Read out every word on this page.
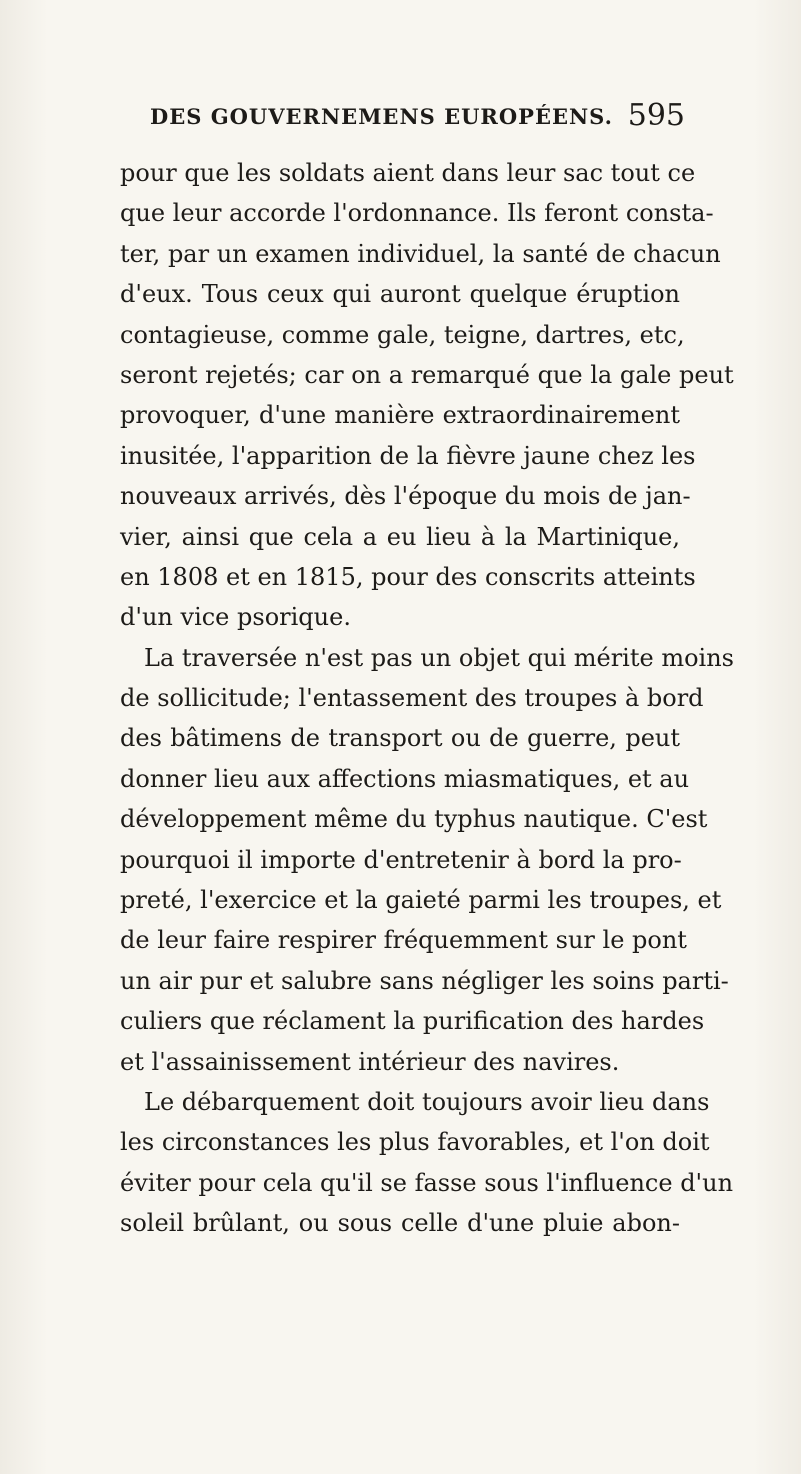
DES GOUVERNEMENS EUROPÉENS. 595
pour que les soldats aient dans leur sac tout ce
que leur accorde l'ordonnance. Ils feront consta-
ter, par un examen individuel, la santé de chacun
d'eux. Tous ceux qui auront quelque éruption
contagieuse, comme gale, teigne, dartres, etc,
seront rejetés; car on a remarqué que la gale peut
provoquer, d'une manière extraordinairement
inusitée, l'apparition de la fièvre jaune chez les
nouveaux arrivés, dès l'époque du mois de jan-
vier, ainsi que cela a eu lieu à la Martinique,
en 1808 et en 1815, pour des conscrits atteints
d'un vice psorique.
La traversée n'est pas un objet qui mérite moins
de sollicitude; l'entassement des troupes à bord
des bâtimens de transport ou de guerre, peut
donner lieu aux affections miasmatiques, et au
développement même du typhus nautique. C'est
pourquoi il importe d'entretenir à bord la pro-
preté, l'exercice et la gaieté parmi les troupes, et
de leur faire respirer fréquemment sur le pont
un air pur et salubre sans négliger les soins parti-
culiers que réclament la purification des hardes
et l'assainissement intérieur des navires.
Le débarquement doit toujours avoir lieu dans
les circonstances les plus favorables, et l'on doit
éviter pour cela qu'il se fasse sous l'influence d'un
soleil brûlant, ou sous celle d'une pluie abon-
